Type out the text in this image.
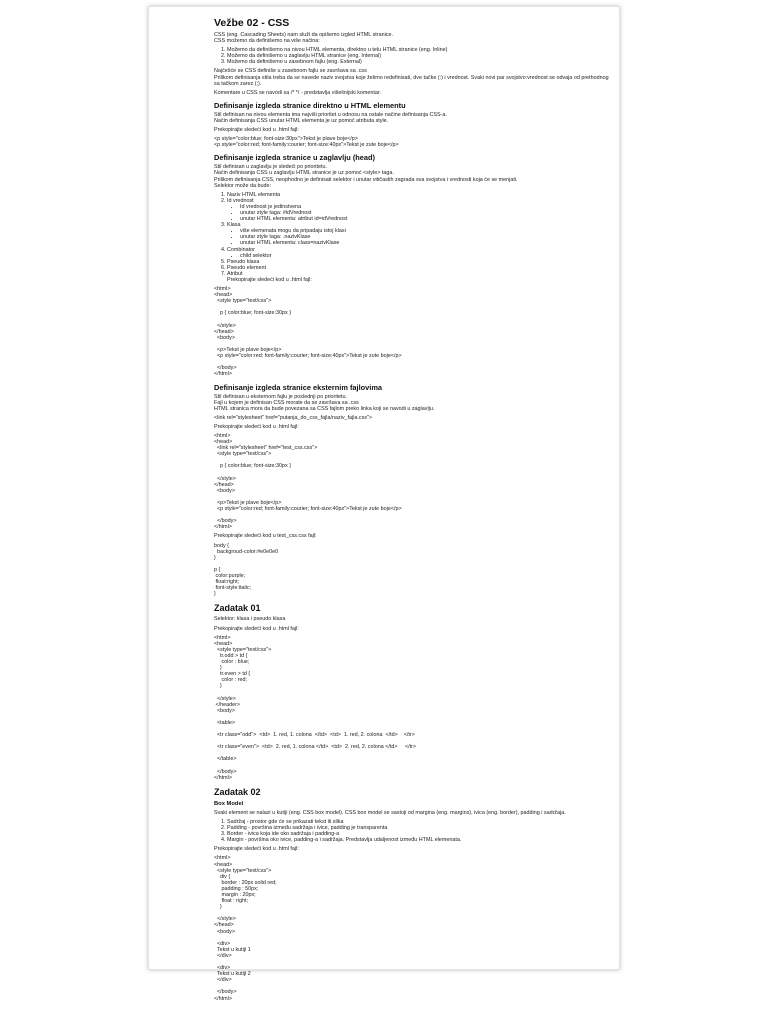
Vežbe 02 - CSS

CSS (eng. Cascading Sheets) nam služi da opišemo izgled HTML stranice.
CSS možemo da definišemo na više načina:

1. Možemo da definišemo na nivou HTML elementa, direktno u telu HTML stranice (eng. Inline)
2. Možemo da definišemo u zaglavlju HTML stranice (eng. Internal)
3. Možemo da definišemo u zasebnom fajlu (eng. External)

Najčešće se CSS definiše u zasebnom fajlu se završava sa .css
Prilikom definisanja stila treba da se navede naziv svojstva koje želimo redefinisati, dve tačke (:) i vrednost. Svaki novi par svojstvo:vrednost se odvaja od prethodnog sa tačkom zarez (;).

Komentare u CSS se navodi sa /* */ - predstavlja višelinijski komentar.

Definisanje izgleda stranice direktno u HTML elementu

Stil definisan na nivou elementa ima najviši prioritet u odnosu na ostale načine definisanja CSS-a.
Način definisanja CSS unutar HTML elementa je uz pomoć atributa style.

Prekopirajte sledeći kod u .html fajl:

<p style="color:blue; font-size:30px">Tekst je plave boje</p>
<p style="color:red; font-family:courier; font-size:40px">Tekst je zute boje</p>
Definisanje izgleda stranice u zaglavlju (head)

Stil definisan u zaglavlju je sledeći po prioritetu.
Način definisanja CSS u zaglavlju HTML stranice je uz pomoć <style> taga.
Prilikom definisanja CSS, neophodno je definisati selektor i unutar vitičastih zagrada sva svojstva i vrednosti koja će se menjati.
Selektor može da bude:

1. Naziv HTML elementa
2. Id vrednost
• Id vrednost je jedinstvena
• unutar style taga: #idVrednost
• unutar HTML elementa: atribut id=idVrednost
3. Klasa
• više elemenata mogu da pripadaju istoj klasi
• unutar style taga: .nazivKlase
• unutar HTML elementa: class=nazivKlase
4. Combinator
• child selektor
5. Pseudo klasa
6. Pseudo element
7. Atribut
Prekopirajte sledeći kod u .html fajl:
<html>
<head>
<style type="text/css">

p { color:blue; font-size:30px }

</style>
</head>
<body>

<p>Tekst je plave boje</p>
<p style="color:red; font-family:courier; font-size:40px">Tekst je zute boje</p>

</body>
</html>
Definisanje izgleda stranice eksternim fajlovima

Stil definisan u eksternom fajlu je poslednji po prioritetu.
Fajl u kojem je definisan CSS morate da se završava sa .css
HTML stranica mora da bude povezana sa CSS fajlom preko linka koji se navodi u zaglavlju.

<link rel="stylesheet" href="putanja_do_css_fajla/naziv_fajla.css">

Prekopirajte sledeći kod u .html fajl:

<html>
<head>
<link rel="stylesheet" href="test_css.css">
<style type="text/css">

p { color:blue; font-size:30px }

</style>
</head>
<body>

<p>Tekst je plave boje</p>
<p style="color:red; font-family:courier; font-size:40px">Tekst je zute boje</p>

</body>
</html>

Prekopirajte sledeći kod u test_css.css fajl:

body {
backgroud-color:#e0e0e0
}

p {
color:purple;
float:right;
font-style:italic;
}
Zadatak 01

Selektor: klasa i pseudo klasa

Prekopirajte sledeći kod u .html fajl:

<html>
<head>
<style type="text/css">
tr.odd > td {
color : blue;
}
tr.even > td {
color : red;
}

</style>
</header>
<body>

<table>

<tr class="odd">  <td>  1. red, 1. colona  </td>  <td>  1. red, 2. colona  </td>    </tr>

<tr class="even">  <td>  2. red, 1. colona </td>  <td>  2. red, 2. colona </td>     </tr>

</table>

</body>
</html>
Zadatak 02
Box Model

Svaki element se nalazi u kutiji (eng. CSS box model). CSS box model se sastoji od margina (eng. margins), ivica (eng. border), padding i sadržaja.

1. Sadržaj - prostor gde će se prikazati tekst ili slika
2. Padding - površina između sadržaja i ivice, padding je transparenta
3. Border - ivica koja ide oko sadržaja i padding-a
4. Margin - površina oko ivice, padding-a i sadržaja. Predstavlja udaljenost između HTML elemenata.

Prekopirajte sledeći kod u .html fajl:

<html>
<head>
<style type="text/css">
div {
border : 20px solid red;
padding : 50px;
margin : 20px;
float : right;
}

</style>
</head>
<body>

<div>
Tekst u kutiji 1
</div>

<div>
Tekst u kutiji 2
</div>

</body>
</html>
